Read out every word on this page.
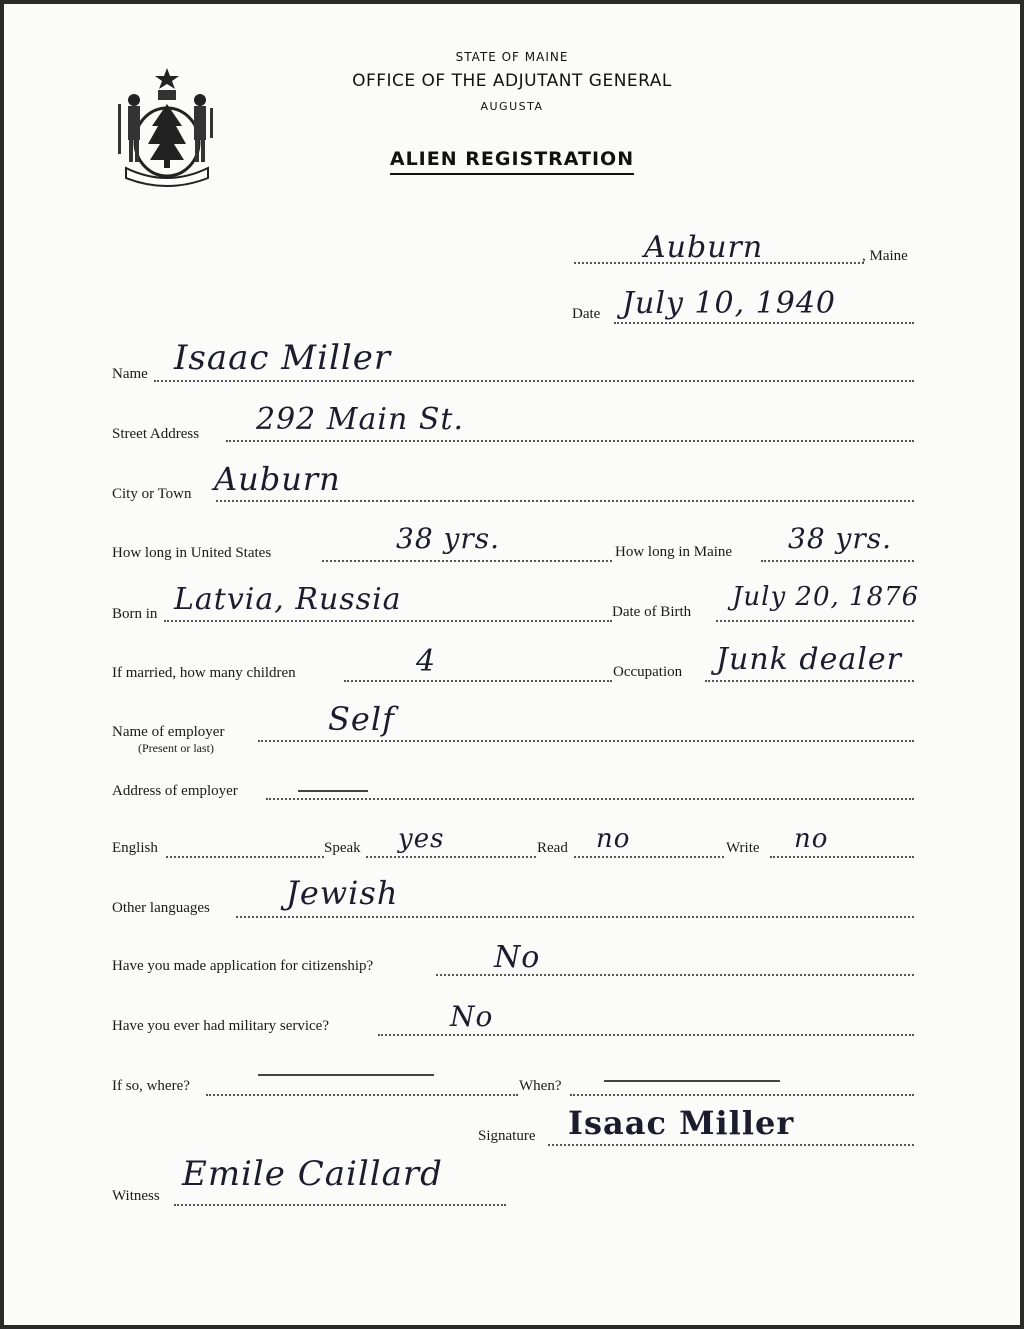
STATE OF MAINE
OFFICE OF THE ADJUTANT GENERAL
AUGUSTA
ALIEN REGISTRATION
Auburn	, Maine
Date July 10, 1940
Name Isaac Miller
Street Address 292 Main St.
City or Town Auburn
How long in United States	38 yrs.	How long in Maine 38 yrs.
Born in Latvia, Russia	Date of Birth July 20, 1876
If married, how many children	4	Occupation Junk dealer
Name of employer
(Present or last)
Self
Address of employer
English	Speak yes	Read no	Write no
Other languages Jewish
Have you made application for citizenship?	No
Have you ever had military service?	No
If so, where?	When?
Signature Isaac Miller
Witness
Emile Caillard
